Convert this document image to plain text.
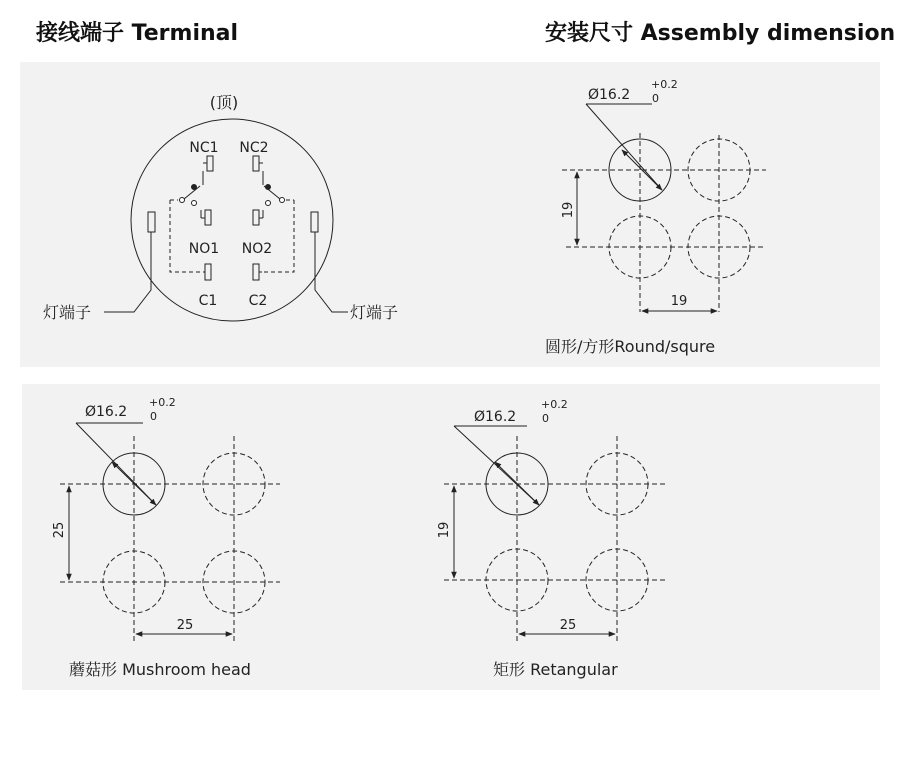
接线端子 Terminal	安装尺寸 Assembly dimension
(顶)
NC1 NC2
NO1 NO2
C1 C2
灯端子	灯端子
Ø16.2
+0.2
0
19
19
圆形/方形Round/squre
Ø16.2
+0.2
0
25
25
蘑菇形 Mushroom head
Ø16.2
+0.2
0
19
25
矩形 Retangular
